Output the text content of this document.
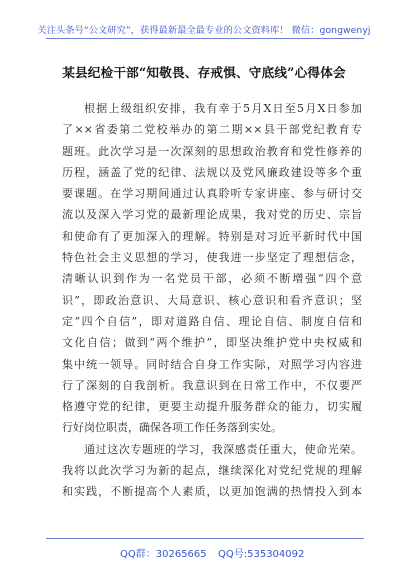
关注头条号“公文研究”，获得最新最全最专业的公文资料库！ 微信：gongwenyj
某县纪检干部“知敬畏、存戒惧、守底线”心得体会

根据上级组织安排，我有幸于5月X日至5月X日参加
了××省委第二党校举办的第二期××县干部党纪教育专
题班。此次学习是一次深刻的思想政治教育和党性修养的
历程，涵盖了党的纪律、法规以及党风廉政建设等多个重
要课题。在学习期间通过认真聆听专家讲座、参与研讨交
流以及深入学习党的最新理论成果，我对党的历史、宗旨
和使命有了更加深入的理解。特别是对习近平新时代中国
特色社会主义思想的学习，使我进一步坚定了理想信念，
清晰认识到作为一名党员干部，必须不断增强“四个意
识”，即政治意识、大局意识、核心意识和看齐意识；坚
定“四个自信”，即对道路自信、理论自信、制度自信和
文化自信；做到“两个维护”，即坚决维护党中央权威和
集中统一领导。同时结合自身工作实际，对照学习内容进
行了深刻的自我剖析。我意识到在日常工作中，不仅要严
格遵守党的纪律，更要主动提升服务群众的能力，切实履
行好岗位职责，确保各项工作任务落到实处。

通过这次专题班的学习，我深感责任重大，使命光荣。
我将以此次学习为新的起点，继续深化对党纪党规的理解
和实践，不断提高个人素质，以更加饱满的热情投入到本

QQ群：30265665 QQ号:535304092
